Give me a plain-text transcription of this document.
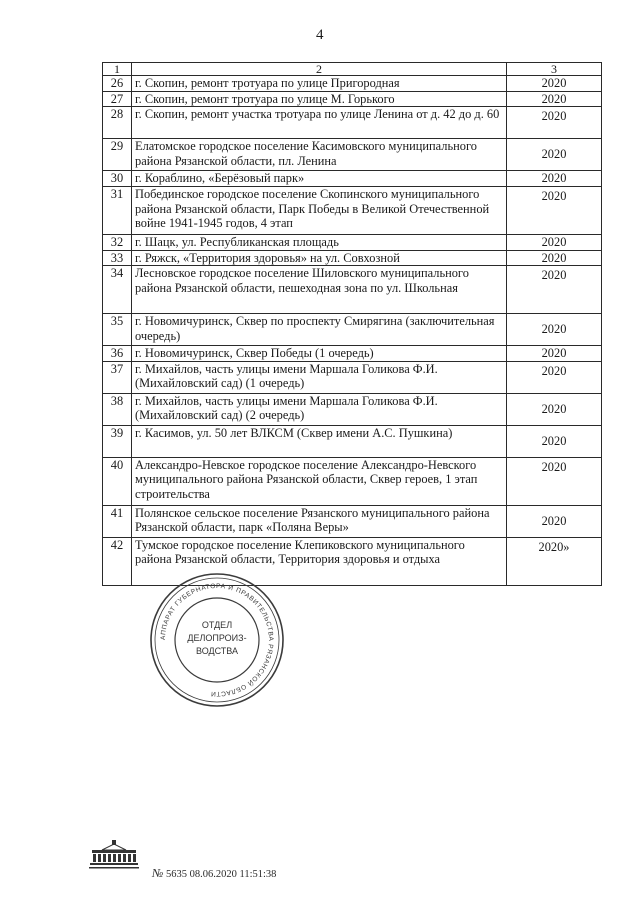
4
1	2	3
26	г. Скопин, ремонт тротуара по улице Пригородная	2020
27	г. Скопин, ремонт тротуара по улице М. Горького	2020
28	г. Скопин, ремонт участка тротуара по улице Ленина от д. 42 до д. 60	2020
29	Елатомское городское поселение Касимовского муниципального района Рязанской области, пл. Ленина	2020
30	г. Кораблино, «Берёзовый парк»	2020
31	Побединское городское поселение Скопинского муниципального района Рязанской области, Парк Победы в Великой Отечественной войне 1941-1945 годов, 4 этап	2020
32	г. Шацк, ул. Республиканская площадь	2020
33	г. Ряжск, «Территория здоровья» на ул. Совхозной	2020
34	Лесновское городское поселение Шиловского муниципального района Рязанской области, пешеходная зона по ул. Школьная	2020
35	г. Новомичуринск, Сквер по проспекту Смирягина (заключительная очередь)	2020
36	г. Новомичуринск, Сквер Победы (1 очередь)	2020
37	г. Михайлов, часть улицы имени Маршала Голикова Ф.И. (Михайловский сад) (1 очередь)	2020
38	г. Михайлов, часть улицы имени Маршала Голикова Ф.И. (Михайловский сад) (2 очередь)	2020
39	г. Касимов, ул. 50 лет ВЛКСМ (Сквер имени А.С. Пушкина)	2020
40	Александро-Невское городское поселение Александро-Невского муниципального района Рязанской области, Сквер героев, 1 этап строительства	2020
41	Полянское сельское поселение Рязанского муниципального района Рязанской области, парк «Поляна Веры»	2020
42	Тумское городское поселение Клепиковского муниципального района Рязанской области, Территория здоровья и отдыха	2020»
АППАРАТ ГУБЕРНАТОРА И ПРАВИТЕЛЬСТВА РЯЗАНСКОЙ ОБЛАСТИ
ОТДЕЛ
ДЕЛОПРОИЗ-
ВОДСТВА
№ 5635 08.06.2020 11:51:38
